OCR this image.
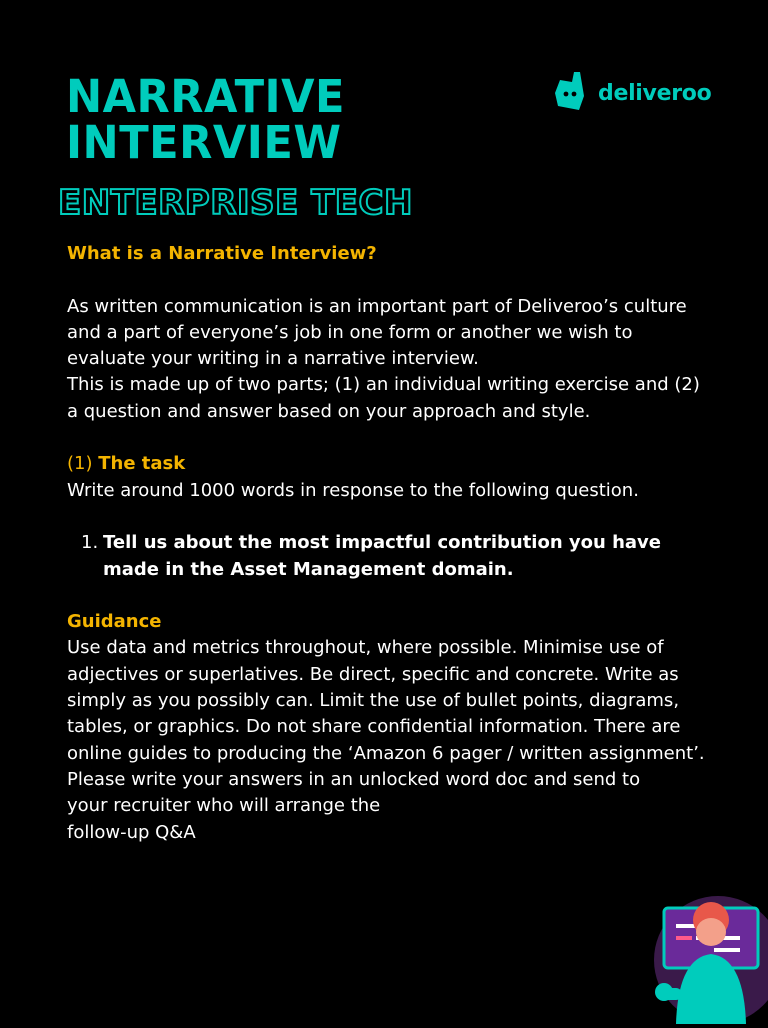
NARRATIVE
INTERVIEW
ENTERPRISE TECH
deliveroo

What is a Narrative Interview?

As written communication is an important part of Deliveroo’s culture and a part of everyone’s job in one form or another we wish to evaluate your writing in a narrative interview.

This is made up of two parts; (1) an individual writing exercise and (2) a question and answer based on your approach and style.

(1) The task

Write around 1000 words in response to the following question.

1. Tell us about the most impactful contribution you have made in the Asset Management domain.

Guidance

Use data and metrics throughout, where possible. Minimise use of adjectives or superlatives. Be direct, specific and concrete. Write as simply as you possibly can. Limit the use of bullet points, diagrams, tables, or graphics. Do not share confidential information. There are online guides to producing the ‘Amazon 6 pager / written assignment’.

Please write your answers in an unlocked word doc and send to

your recruiter who will arrange the

follow-up Q&A
